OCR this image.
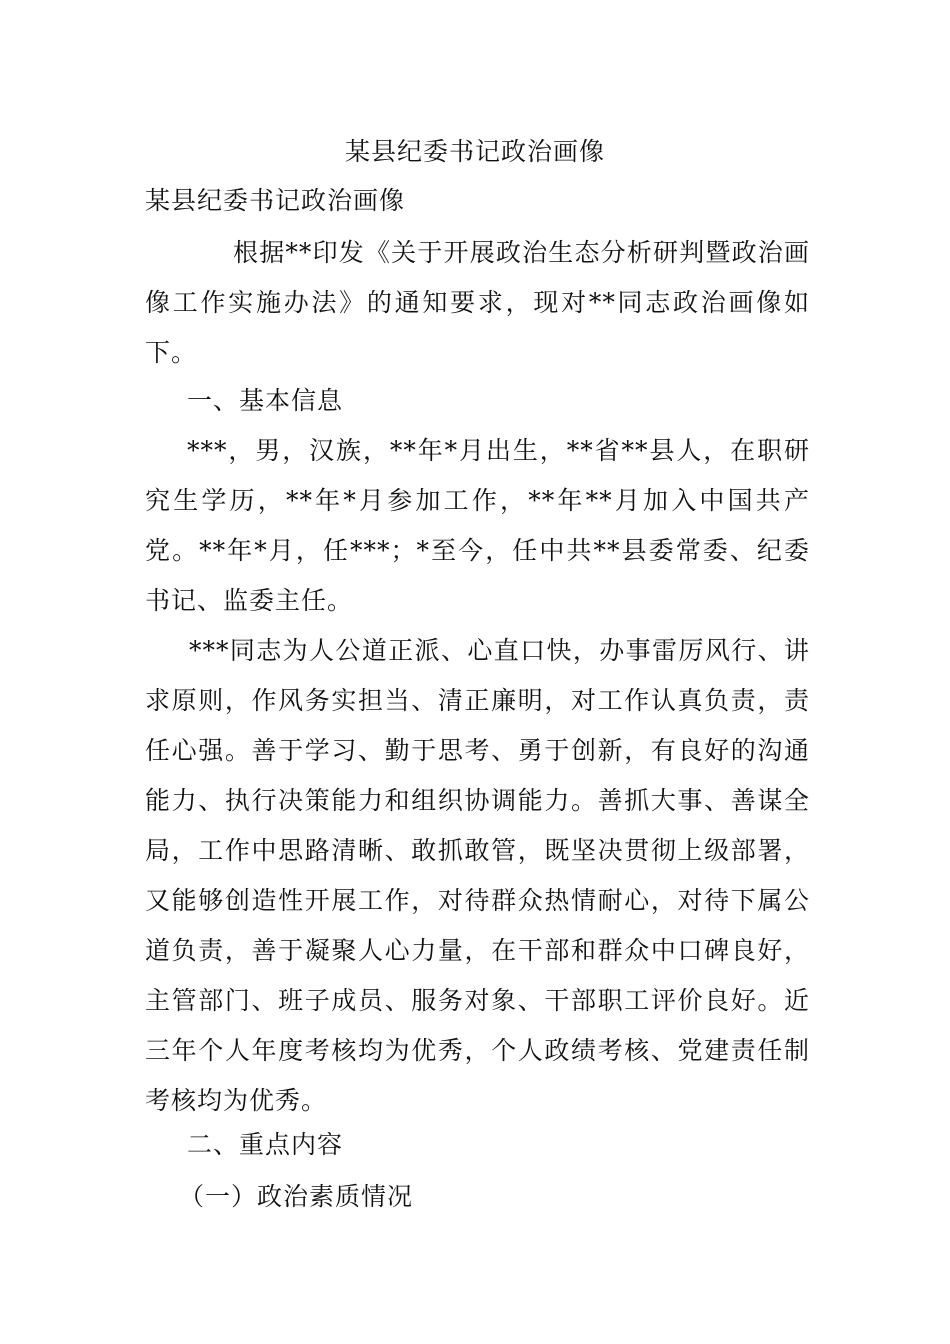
某县纪委书记政治画像
某县纪委书记政治画像
根据**印发《关于开展政治生态分析研判暨政治画像工作实施办法》的通知要求，现对**同志政治画像如下。
一、基本信息
***，男，汉族，**年*月出生，**省**县人，在职研究生学历，**年*月参加工作，**年**月加入中国共产党。**年*月，任***；*至今，任中共**县委常委、纪委书记、监委主任。
***同志为人公道正派、心直口快，办事雷厉风行、讲求原则，作风务实担当、清正廉明，对工作认真负责，责任心强。善于学习、勤于思考、勇于创新，有良好的沟通能力、执行决策能力和组织协调能力。善抓大事、善谋全局，工作中思路清晰、敢抓敢管，既坚决贯彻上级部署，又能够创造性开展工作，对待群众热情耐心，对待下属公道负责，善于凝聚人心力量，在干部和群众中口碑良好，主管部门、班子成员、服务对象、干部职工评价良好。近三年个人年度考核均为优秀，个人政绩考核、党建责任制考核均为优秀。
二、重点内容
（一）政治素质情况
